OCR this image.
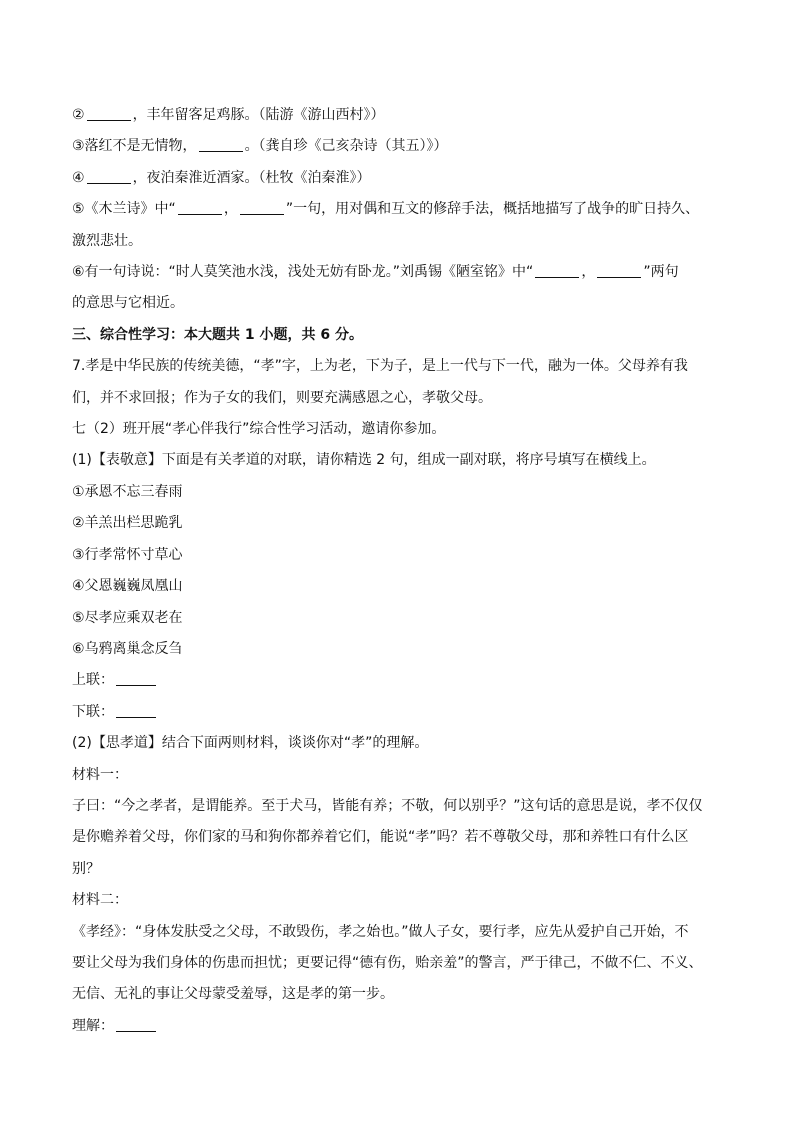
②	，丰年留客足鸡豚。（陆游《游山西村》）
③落红不是无情物，	。（龚自珍《己亥杂诗（其五）》）
④	，夜泊秦淮近酒家。（杜牧《泊秦淮》）
⑤《木兰诗》中“	，	”一句，用对偶和互文的修辞手法，概括地描写了战争的旷日持久、
激烈悲壮。
⑥有一句诗说：“时人莫笑池水浅，浅处无妨有卧龙。”刘禹锡《陋室铭》中“	，	”两句
的意思与它相近。
三、综合性学习：本大题共 1 小题，共 6 分。
7.孝是中华民族的传统美德，“孝”字，上为老，下为子，是上一代与下一代，融为一体。父母养有我
们，并不求回报；作为子女的我们，则要充满感恩之心，孝敬父母。
七（2）班开展“孝心伴我行”综合性学习活动，邀请你参加。
(1)【表敬意】下面是有关孝道的对联，请你精选 2 句，组成一副对联，将序号填写在横线上。
①承恩不忘三春雨
②羊羔出栏思跪乳
③行孝常怀寸草心
④父恩巍巍凤凰山
⑤尽孝应乘双老在
⑥乌鸦离巢念反刍
上联：
下联：
(2)【思孝道】结合下面两则材料，谈谈你对“孝”的理解。
材料一：
子曰：“今之孝者，是谓能养。至于犬马，皆能有养；不敬，何以别乎？”这句话的意思是说，孝不仅仅
是你赡养着父母，你们家的马和狗你都养着它们，能说“孝”吗？若不尊敬父母，那和养牲口有什么区
别？
材料二：
《孝经》：“身体发肤受之父母，不敢毁伤，孝之始也。”做人子女，要行孝，应先从爱护自己开始，不
要让父母为我们身体的伤患而担忧；更要记得“德有伤，贻亲羞”的警言，严于律己，不做不仁、不义、
无信、无礼的事让父母蒙受羞辱，这是孝的第一步。
理解：
